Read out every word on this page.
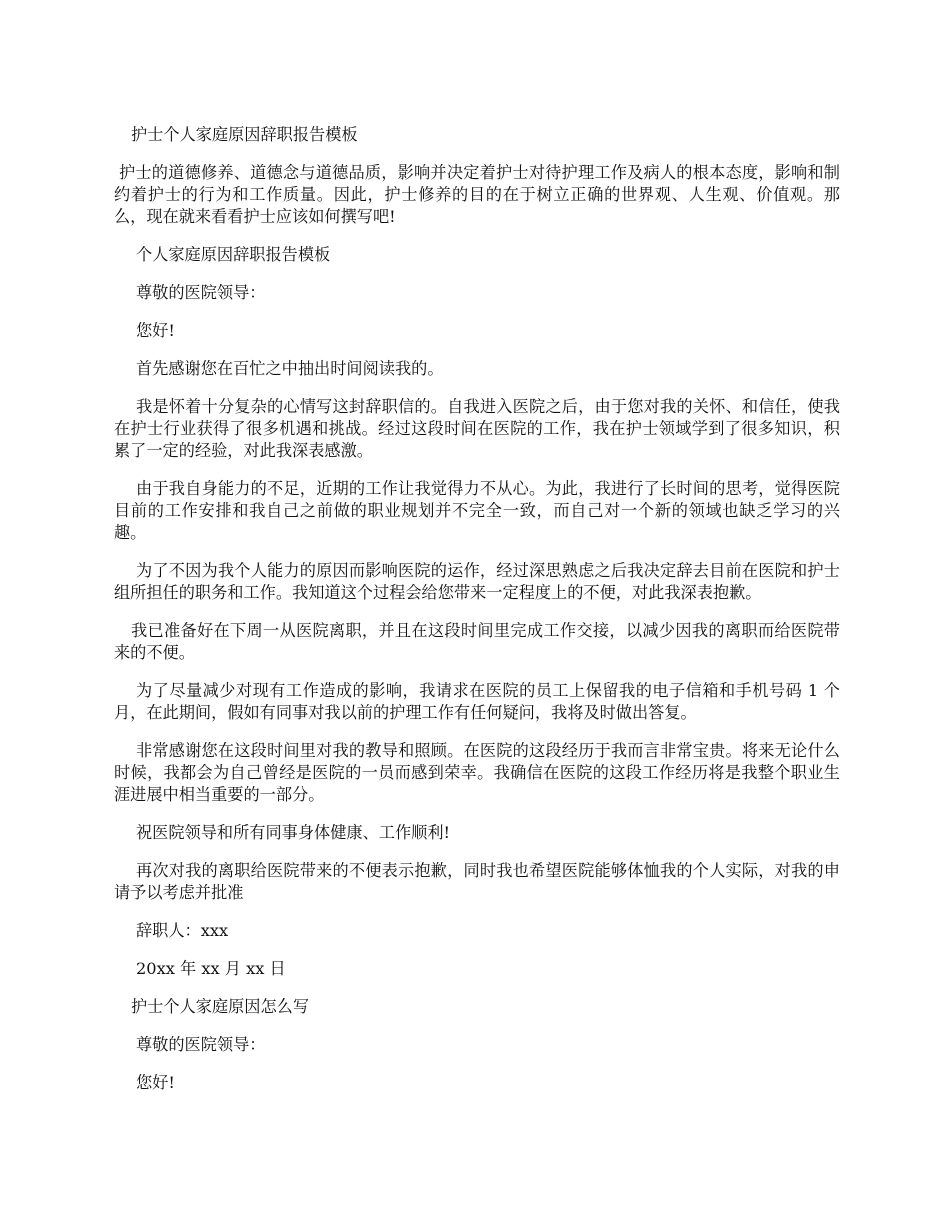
护士个人家庭原因辞职报告模板

护士的道德修养、道德念与道德品质，影响并决定着护士对待护理工作及病人的根本态度，影响和制约着护士的行为和工作质量。因此，护士修养的目的在于树立正确的世界观、人生观、价值观。那么，现在就来看看护士应该如何撰写吧!

个人家庭原因辞职报告模板

尊敬的医院领导：

您好!

首先感谢您在百忙之中抽出时间阅读我的。

我是怀着十分复杂的心情写这封辞职信的。自我进入医院之后，由于您对我的关怀、和信任，使我在护士行业获得了很多机遇和挑战。经过这段时间在医院的工作，我在护士领域学到了很多知识，积累了一定的经验，对此我深表感激。

由于我自身能力的不足，近期的工作让我觉得力不从心。为此，我进行了长时间的思考，觉得医院目前的工作安排和我自己之前做的职业规划并不完全一致，而自己对一个新的领域也缺乏学习的兴趣。

为了不因为我个人能力的原因而影响医院的运作，经过深思熟虑之后我决定辞去目前在医院和护士组所担任的职务和工作。我知道这个过程会给您带来一定程度上的不便，对此我深表抱歉。

我已准备好在下周一从医院离职，并且在这段时间里完成工作交接，以减少因我的离职而给医院带来的不便。

为了尽量减少对现有工作造成的影响，我请求在医院的员工上保留我的电子信箱和手机号码 1 个月，在此期间，假如有同事对我以前的护理工作有任何疑问，我将及时做出答复。

非常感谢您在这段时间里对我的教导和照顾。在医院的这段经历于我而言非常宝贵。将来无论什么时候，我都会为自己曾经是医院的一员而感到荣幸。我确信在医院的这段工作经历将是我整个职业生涯进展中相当重要的一部分。

祝医院领导和所有同事身体健康、工作顺利!

再次对我的离职给医院带来的不便表示抱歉，同时我也希望医院能够体恤我的个人实际，对我的申请予以考虑并批准

辞职人：xxx

20xx 年 xx 月 xx 日

护士个人家庭原因怎么写

尊敬的医院领导：

您好!
